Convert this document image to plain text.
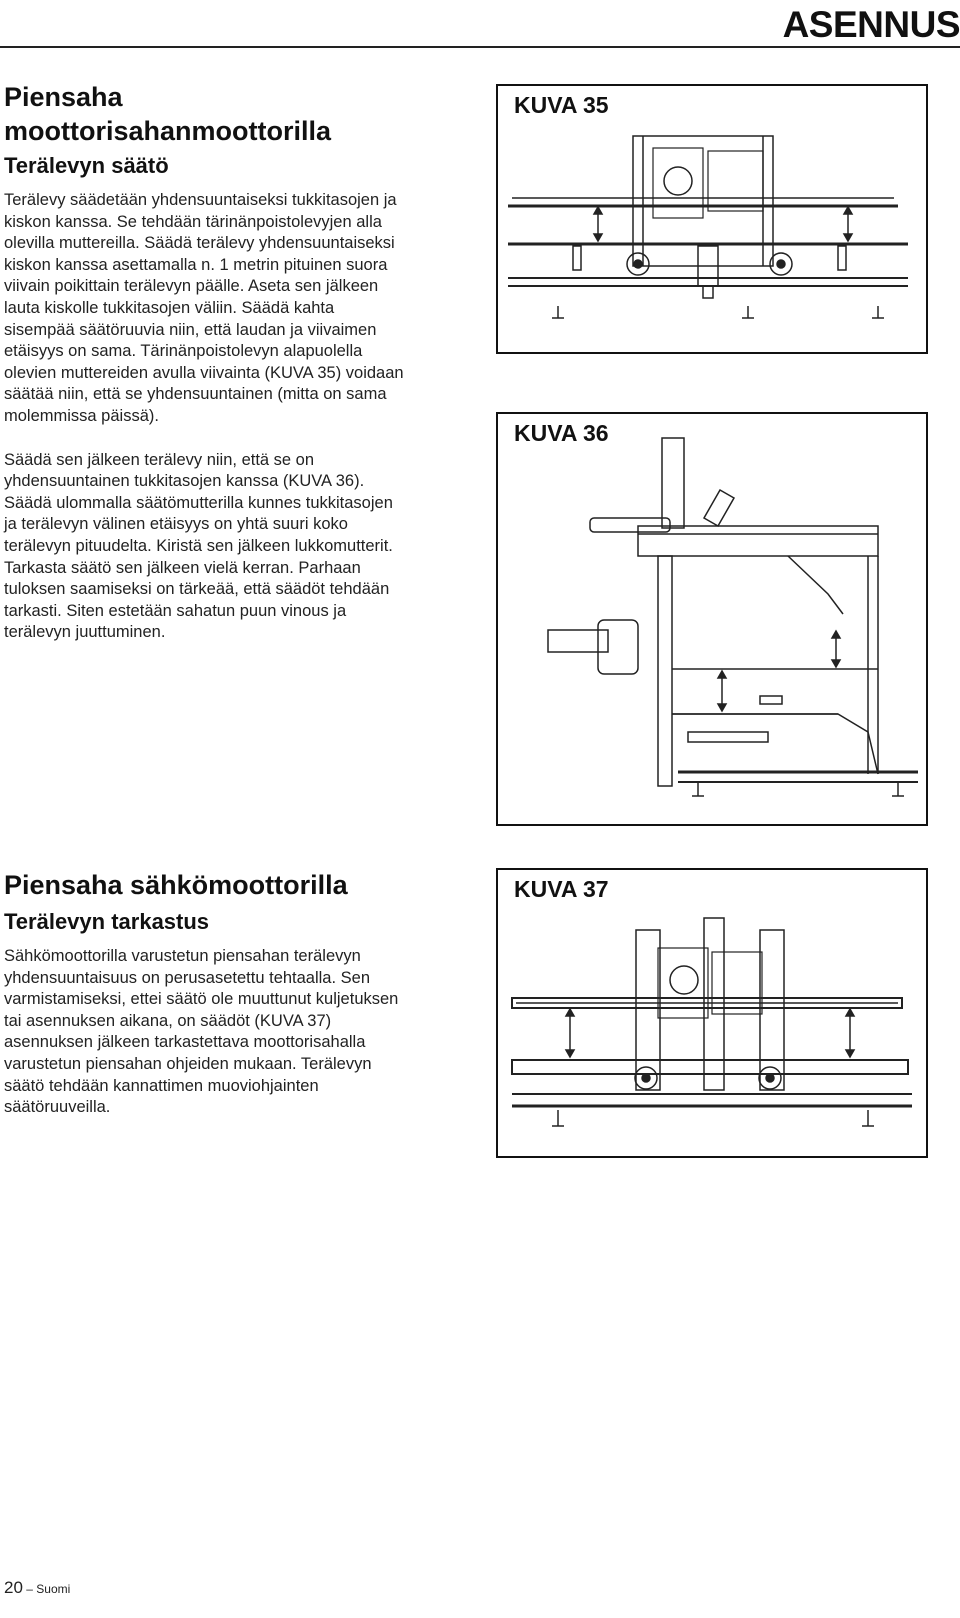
ASENNUS
Piensaha
moottorisahanmoottorilla
Terälevyn säätö

Terälevy säädetään yhdensuuntaiseksi tukkitasojen ja
kiskon kanssa. Se tehdään tärinänpoistolevyjen alla
olevilla muttereilla. Säädä terälevy yhdensuuntaiseksi
kiskon kanssa asettamalla n. 1 metrin pituinen suora
viivain poikittain terälevyn päälle. Aseta sen jälkeen
lauta kiskolle tukkitasojen väliin. Säädä kahta
sisempää säätöruuvia niin, että laudan ja viivaimen
etäisyys on sama. Tärinänpoistolevyn alapuolella
olevien muttereiden avulla viivainta (KUVA 35) voidaan
säätää niin, että se yhdensuuntainen (mitta on sama
molemmissa päissä).

Säädä sen jälkeen terälevy niin, että se on
yhdensuuntainen tukkitasojen kanssa (KUVA 36).
Säädä ulommalla säätömutterilla kunnes tukkitasojen
ja terälevyn välinen etäisyys on yhtä suuri koko
terälevyn pituudelta. Kiristä sen jälkeen lukkomutterit.
Tarkasta säätö sen jälkeen vielä kerran. Parhaan
tuloksen saamiseksi on tärkeää, että säädöt tehdään
tarkasti. Siten estetään sahatun puun vinous ja
terälevyn juuttuminen.

Piensaha sähkömoottorilla
Terälevyn tarkastus

Sähkömoottorilla varustetun piensahan terälevyn
yhdensuuntaisuus on perusasetettu tehtaalla. Sen
varmistamiseksi, ettei säätö ole muuttunut kuljetuksen
tai asennuksen aikana, on säädöt (KUVA 37)
asennuksen jälkeen tarkastettava moottorisahalla
varustetun piensahan ohjeiden mukaan. Terälevyn
säätö tehdään kannattimen muoviohjainten
säätöruuveilla.

KUVA 35
KUVA 36
KUVA 37
20 – Suomi
